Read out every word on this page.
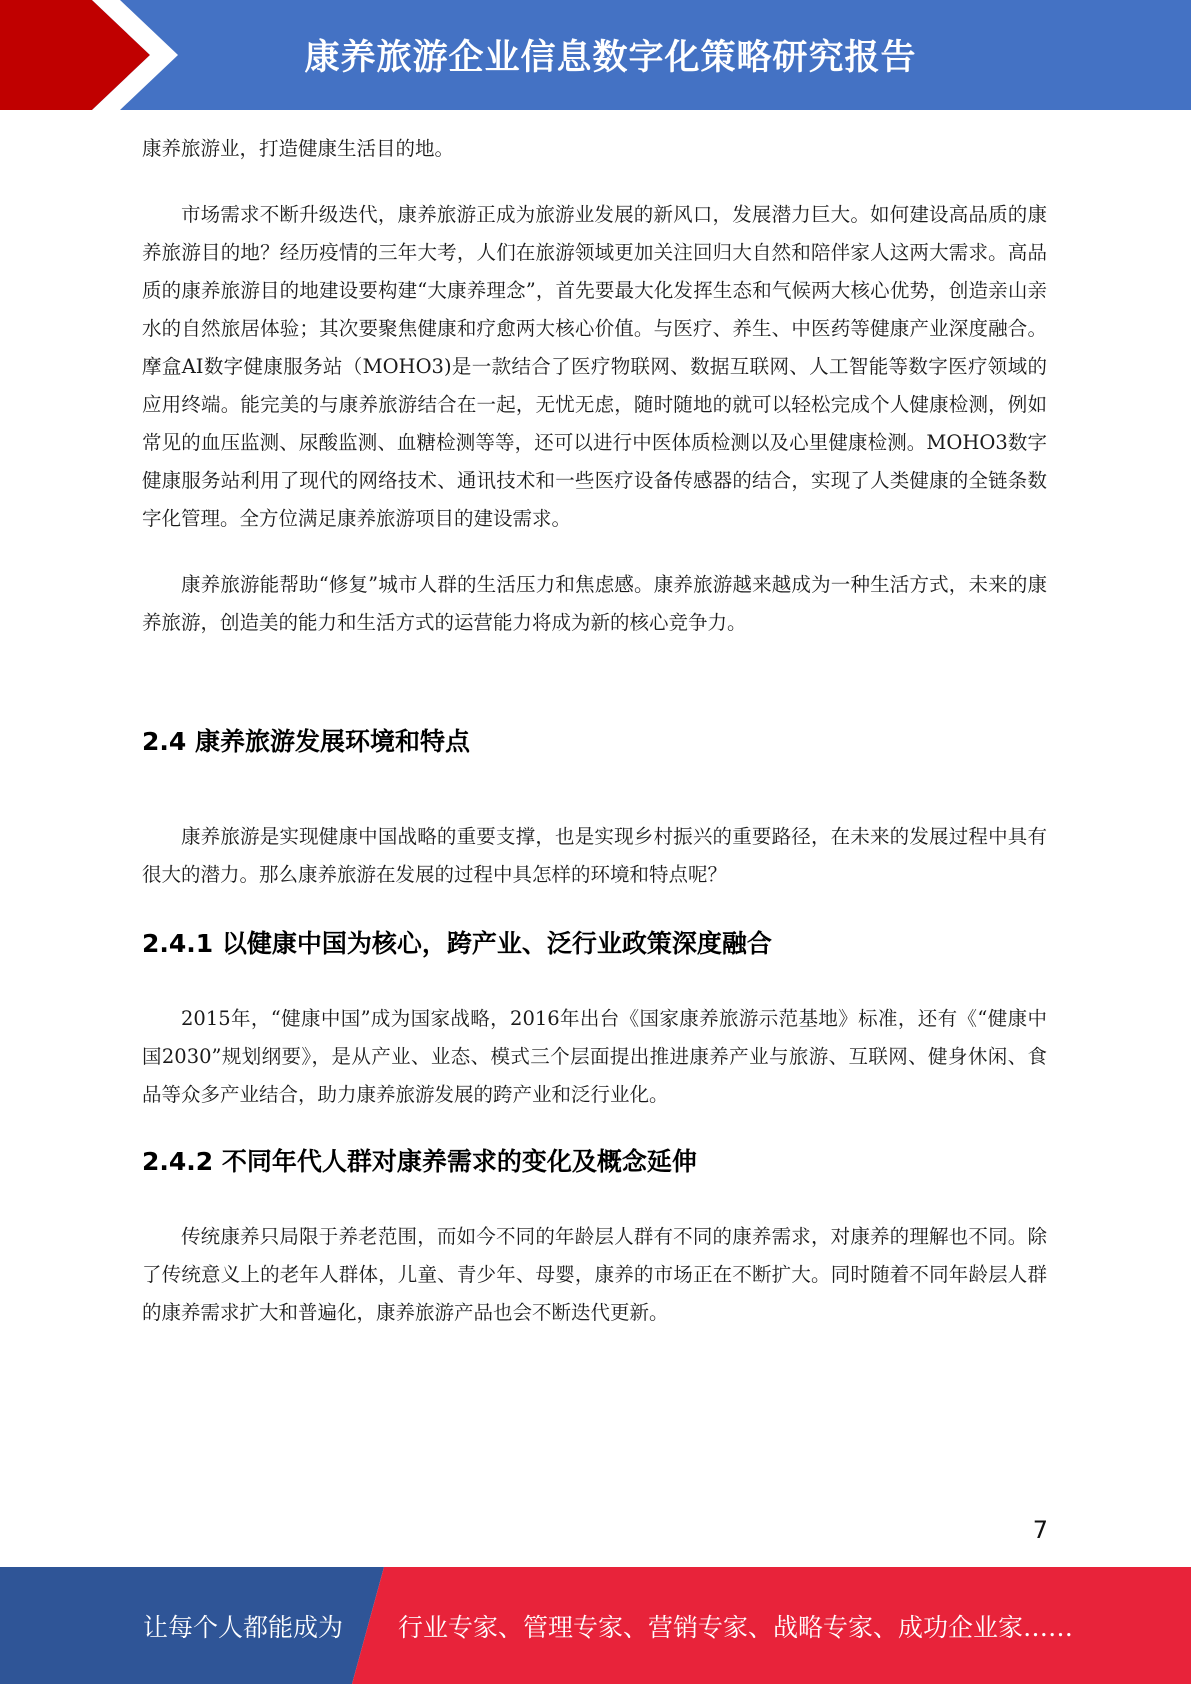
康养旅游企业信息数字化策略研究报告

康养旅游业，打造健康生活目的地。

市场需求不断升级迭代，康养旅游正成为旅游业发展的新风口，发展潜力巨大。如何建设高品质的康养旅游目的地？经历疫情的三年大考，人们在旅游领域更加关注回归大自然和陪伴家人这两大需求。高品质的康养旅游目的地建设要构建“大康养理念”，首先要最大化发挥生态和气候两大核心优势，创造亲山亲水的自然旅居体验；其次要聚焦健康和疗愈两大核心价值。与医疗、养生、中医药等健康产业深度融合。摩盒AI数字健康服务站（MOHO3)是一款结合了医疗物联网、数据互联网、人工智能等数字医疗领域的应用终端。能完美的与康养旅游结合在一起，无忧无虑，随时随地的就可以轻松完成个人健康检测，例如常见的血压监测、尿酸监测、血糖检测等等，还可以进行中医体质检测以及心里健康检测。MOHO3数字健康服务站利用了现代的网络技术、通讯技术和一些医疗设备传感器的结合，实现了人类健康的全链条数字化管理。全方位满足康养旅游项目的建设需求。

康养旅游能帮助“修复”城市人群的生活压力和焦虑感。康养旅游越来越成为一种生活方式，未来的康养旅游，创造美的能力和生活方式的运营能力将成为新的核心竞争力。

2.4 康养旅游发展环境和特点

康养旅游是实现健康中国战略的重要支撑，也是实现乡村振兴的重要路径，在未来的发展过程中具有很大的潜力。那么康养旅游在发展的过程中具怎样的环境和特点呢？

2.4.1 以健康中国为核心，跨产业、泛行业政策深度融合

2015年，“健康中国”成为国家战略，2016年出台《国家康养旅游示范基地》标准，还有《“健康中国2030”规划纲要》，是从产业、业态、模式三个层面提出推进康养产业与旅游、互联网、健身休闲、食品等众多产业结合，助力康养旅游发展的跨产业和泛行业化。

2.4.2 不同年代人群对康养需求的变化及概念延伸

传统康养只局限于养老范围，而如今不同的年龄层人群有不同的康养需求，对康养的理解也不同。除了传统意义上的老年人群体，儿童、青少年、母婴，康养的市场正在不断扩大。同时随着不同年龄层人群的康养需求扩大和普遍化，康养旅游产品也会不断迭代更新。

7
让每个人都能成为 行业专家、管理专家、营销专家、战略专家、成功企业家……
